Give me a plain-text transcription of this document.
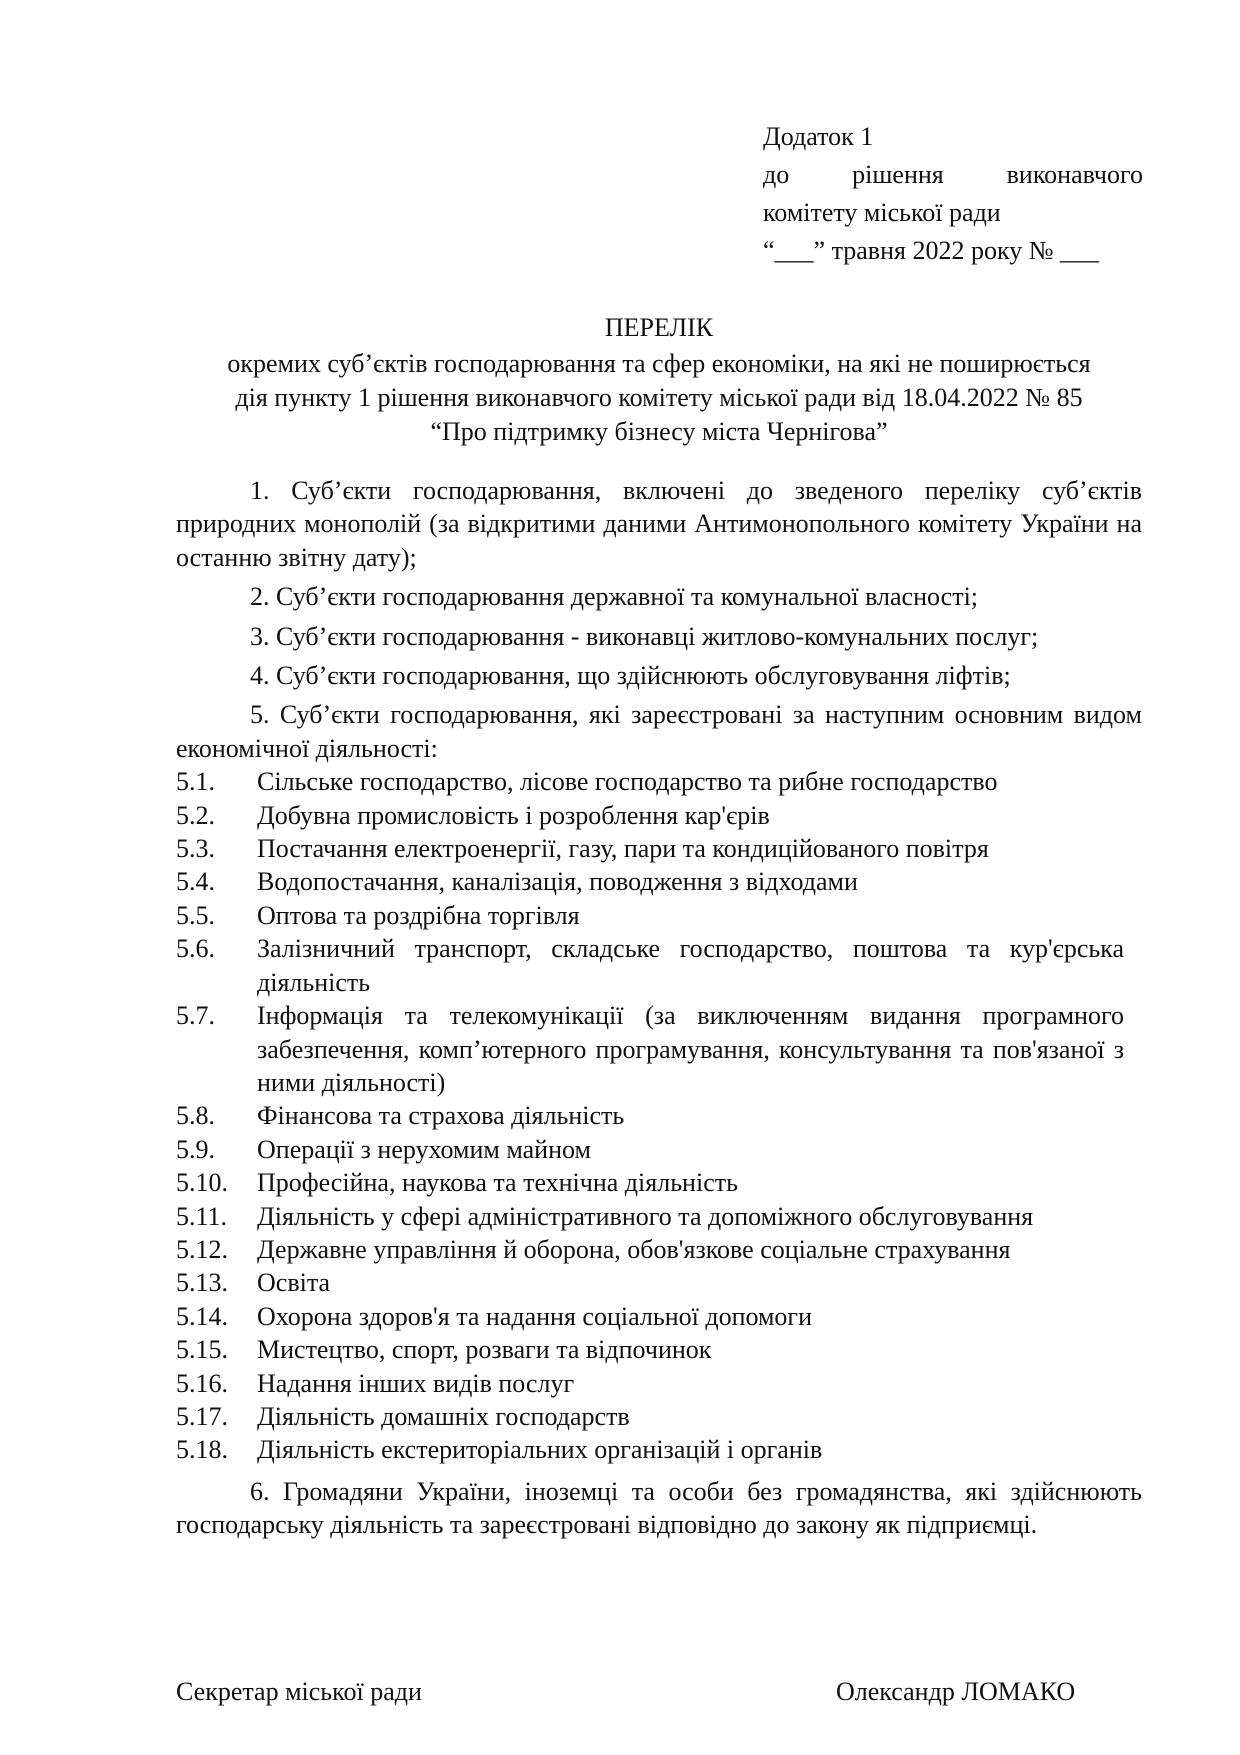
Додаток 1
до рішення виконавчого
комітету міської ради
“___” травня 2022 року № ___
ПЕРЕЛІК
окремих суб’єктів господарювання та сфер економіки, на які не поширюється
дія пункту 1 рішення виконавчого комітету міської ради від 18.04.2022 № 85
“Про підтримку бізнесу міста Чернігова”

1. Суб’єкти господарювання, включені до зведеного переліку суб’єктів природних монополій (за відкритими даними Антимонопольного комітету України на останню звітну дату);

2. Суб’єкти господарювання державної та комунальної власності;

3. Суб’єкти господарювання - виконавці житлово-комунальних послуг;

4. Суб’єкти господарювання, що здійснюють обслуговування ліфтів;

5. Суб’єкти господарювання, які зареєстровані за наступним основним видом економічної діяльності:

5.1.	Сільське господарство, лісове господарство та рибне господарство
5.2.	Добувна промисловість і розроблення кар'єрів
5.3.	Постачання електроенергії, газу, пари та кондиційованого повітря
5.4.	Водопостачання, каналізація, поводження з відходами
5.5.	Оптова та роздрібна торгівля
5.6.	Залізничний транспорт, складське господарство, поштова та кур'єрська діяльність
5.7.	Інформація та телекомунікації (за виключенням видання програмного забезпечення, комп’ютерного програмування, консультування та пов'язаної з ними діяльності)
5.8.	Фінансова та страхова діяльність
5.9.	Операції з нерухомим майном
5.10.	Професійна, наукова та технічна діяльність
5.11.	Діяльність у сфері адміністративного та допоміжного обслуговування
5.12.	Державне управління й оборона, обов'язкове соціальне страхування
5.13.	Освіта
5.14.	Охорона здоров'я та надання соціальної допомоги
5.15.	Мистецтво, спорт, розваги та відпочинок
5.16.	Надання інших видів послуг
5.17.	Діяльність домашніх господарств
5.18.	Діяльність екстериторіальних організацій і органів

6. Громадяни України, іноземці та особи без громадянства, які здійснюють господарську діяльність та зареєстровані відповідно до закону як підприємці.

Секретар міської ради	Олександр ЛОМАКО
